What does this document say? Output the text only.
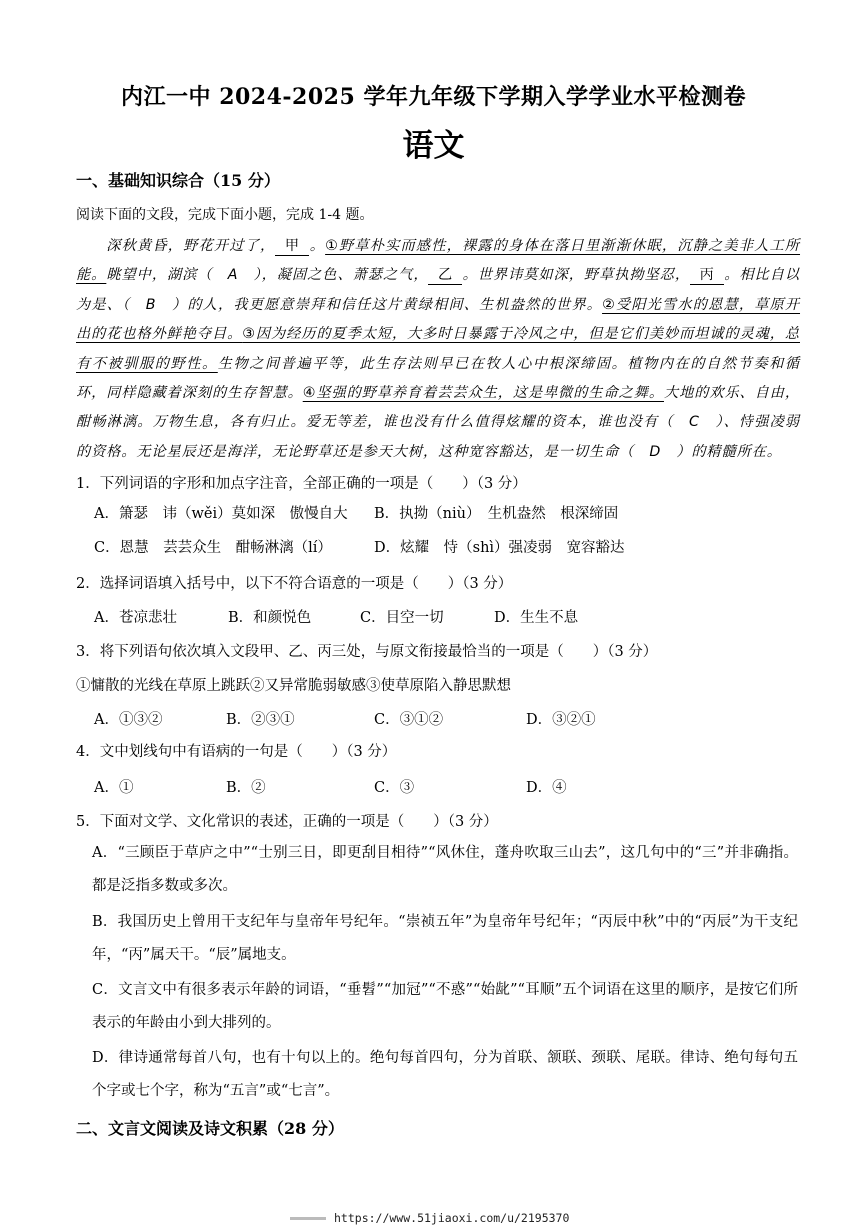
内江一中 2024-2025 学年九年级下学期入学学业水平检测卷
语文
一、基础知识综合（15 分）
阅读下面的文段，完成下面小题，完成 1-4 题。
深秋黄昏，野花开过了， 甲 。①野草朴实而感性，裸露的身体在落日里渐渐休眠，沉静之美非人工所能。眺望中，湖滨（　A　），凝固之色、萧瑟之气， 乙 。世界讳莫如深，野草执拗坚忍， 丙 。相比自以为是、（　B　）的人，我更愿意崇拜和信任这片黄绿相间、生机盎然的世界。②受阳光雪水的恩慧，草原开出的花也格外鲜艳夺目。③因为经历的夏季太短，大多时日暴露于冷风之中，但是它们美妙而坦诚的灵魂，总有不被驯服的野性。生物之间普遍平等，此生存法则早已在牧人心中根深缔固。植物内在的自然节奏和循环，同样隐藏着深刻的生存智慧。④坚强的野草养育着芸芸众生，这是卑微的生命之舞。大地的欢乐、自由，酣畅淋漓。万物生息，各有归止。爱无等差，谁也没有什么值得炫耀的资本，谁也没有（　C　）、恃强凌弱的资格。无论星辰还是海洋，无论野草还是参天大树，这种宽容豁达，是一切生命（　D　）的精髓所在。
1．下列词语的字形和加点字注音，全部正确的一项是（　　）（3 分）
A．箫瑟　讳（wěi）莫如深　傲慢自大 B．执拗（niù）　生机盎然　根深缔固
C．恩慧　芸芸众生　酣畅淋漓（lí）	D．炫耀　恃（shì）强凌弱　宽容豁达
2．选择词语填入括号中，以下不符合语意的一项是（　　）（3 分）
A．苍凉悲壮	B．和颜悦色	C．目空一切	D．生生不息
3．将下列语句依次填入文段甲、乙、丙三处，与原文衔接最恰当的一项是（　　）（3 分）
①慵散的光线在草原上跳跃②又异常脆弱敏感③使草原陷入静思默想
A．①③②	B．②③①	C．③①②	D．③②①
4．文中划线句中有语病的一句是（　　）（3 分）
A．①	B．②	C．③	D．④
5．下面对文学、文化常识的表述，正确的一项是（　　）（3 分）
A．“三顾臣于草庐之中”“士别三日，即更刮目相待”“风休住，蓬舟吹取三山去”，这几句中的“三”并非确指。都是泛指多数或多次。
B．我国历史上曾用干支纪年与皇帝年号纪年。“崇祯五年”为皇帝年号纪年；“丙辰中秋”中的“丙辰”为干支纪年，“丙”属天干。“辰”属地支。
C．文言文中有很多表示年龄的词语，“垂髫”“加冠”“不惑”“始龀”“耳顺”五个词语在这里的顺序，是按它们所表示的年龄由小到大排列的。
D．律诗通常每首八句，也有十句以上的。绝句每首四句，分为首联、颔联、颈联、尾联。律诗、绝句每句五个字或七个字，称为“五言”或“七言”。
二、文言文阅读及诗文积累（28 分）
https://www.51jiaoxi.com/u/2195370
